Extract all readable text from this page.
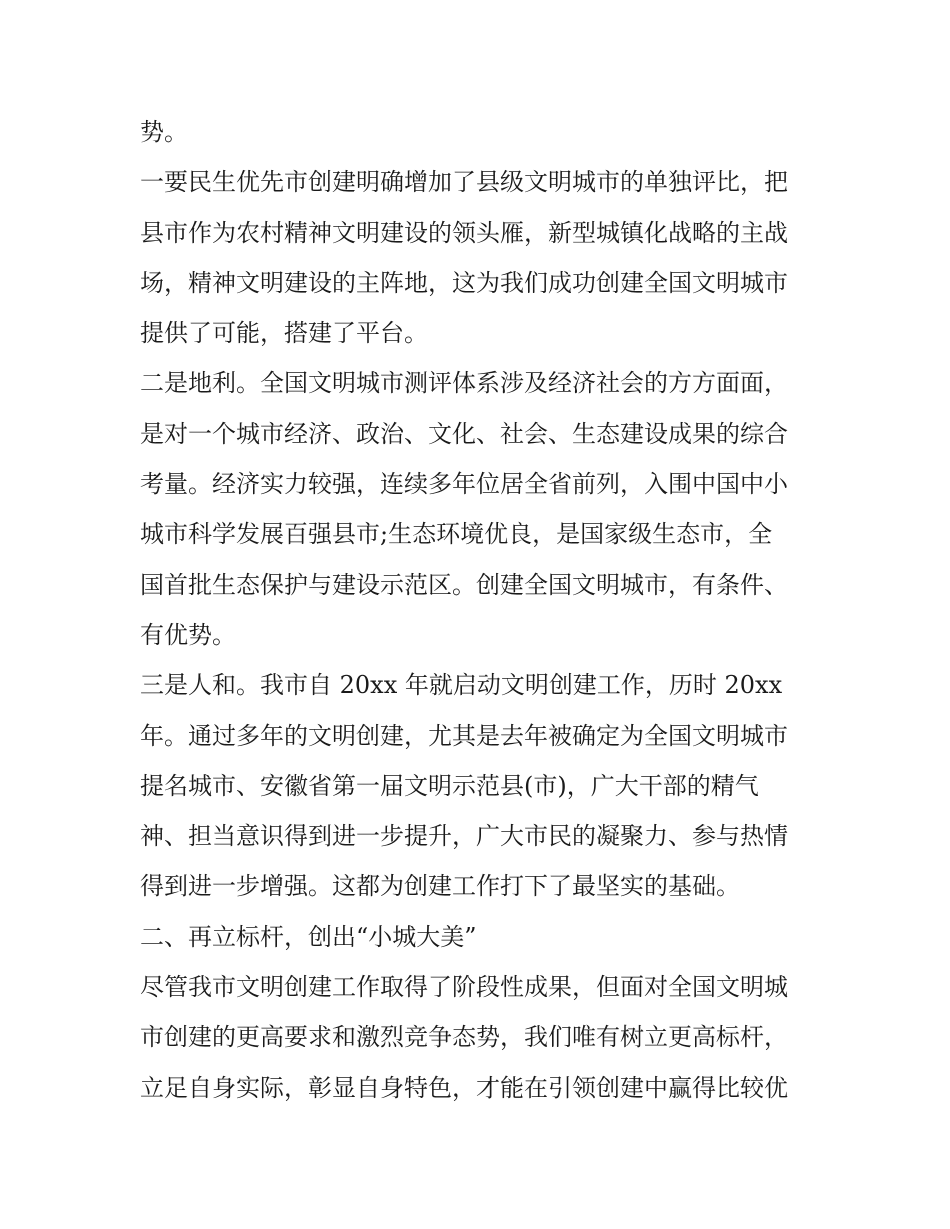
势。
一要民生优先市创建明确增加了县级文明城市的单独评比，把
县市作为农村精神文明建设的领头雁，新型城镇化战略的主战
场，精神文明建设的主阵地，这为我们成功创建全国文明城市
提供了可能，搭建了平台。
二是地利。全国文明城市测评体系涉及经济社会的方方面面，
是对一个城市经济、政治、文化、社会、生态建设成果的综合
考量。经济实力较强，连续多年位居全省前列，入围中国中小
城市科学发展百强县市;生态环境优良，是国家级生态市，全
国首批生态保护与建设示范区。创建全国文明城市，有条件、
有优势。
三是人和。我市自 20xx 年就启动文明创建工作，历时 20xx
年。通过多年的文明创建，尤其是去年被确定为全国文明城市
提名城市、安徽省第一届文明示范县(市)，广大干部的精气
神、担当意识得到进一步提升，广大市民的凝聚力、参与热情
得到进一步增强。这都为创建工作打下了最坚实的基础。
二、再立标杆，创出“小城大美”
尽管我市文明创建工作取得了阶段性成果，但面对全国文明城
市创建的更高要求和激烈竞争态势，我们唯有树立更高标杆，
立足自身实际，彰显自身特色，才能在引领创建中赢得比较优
